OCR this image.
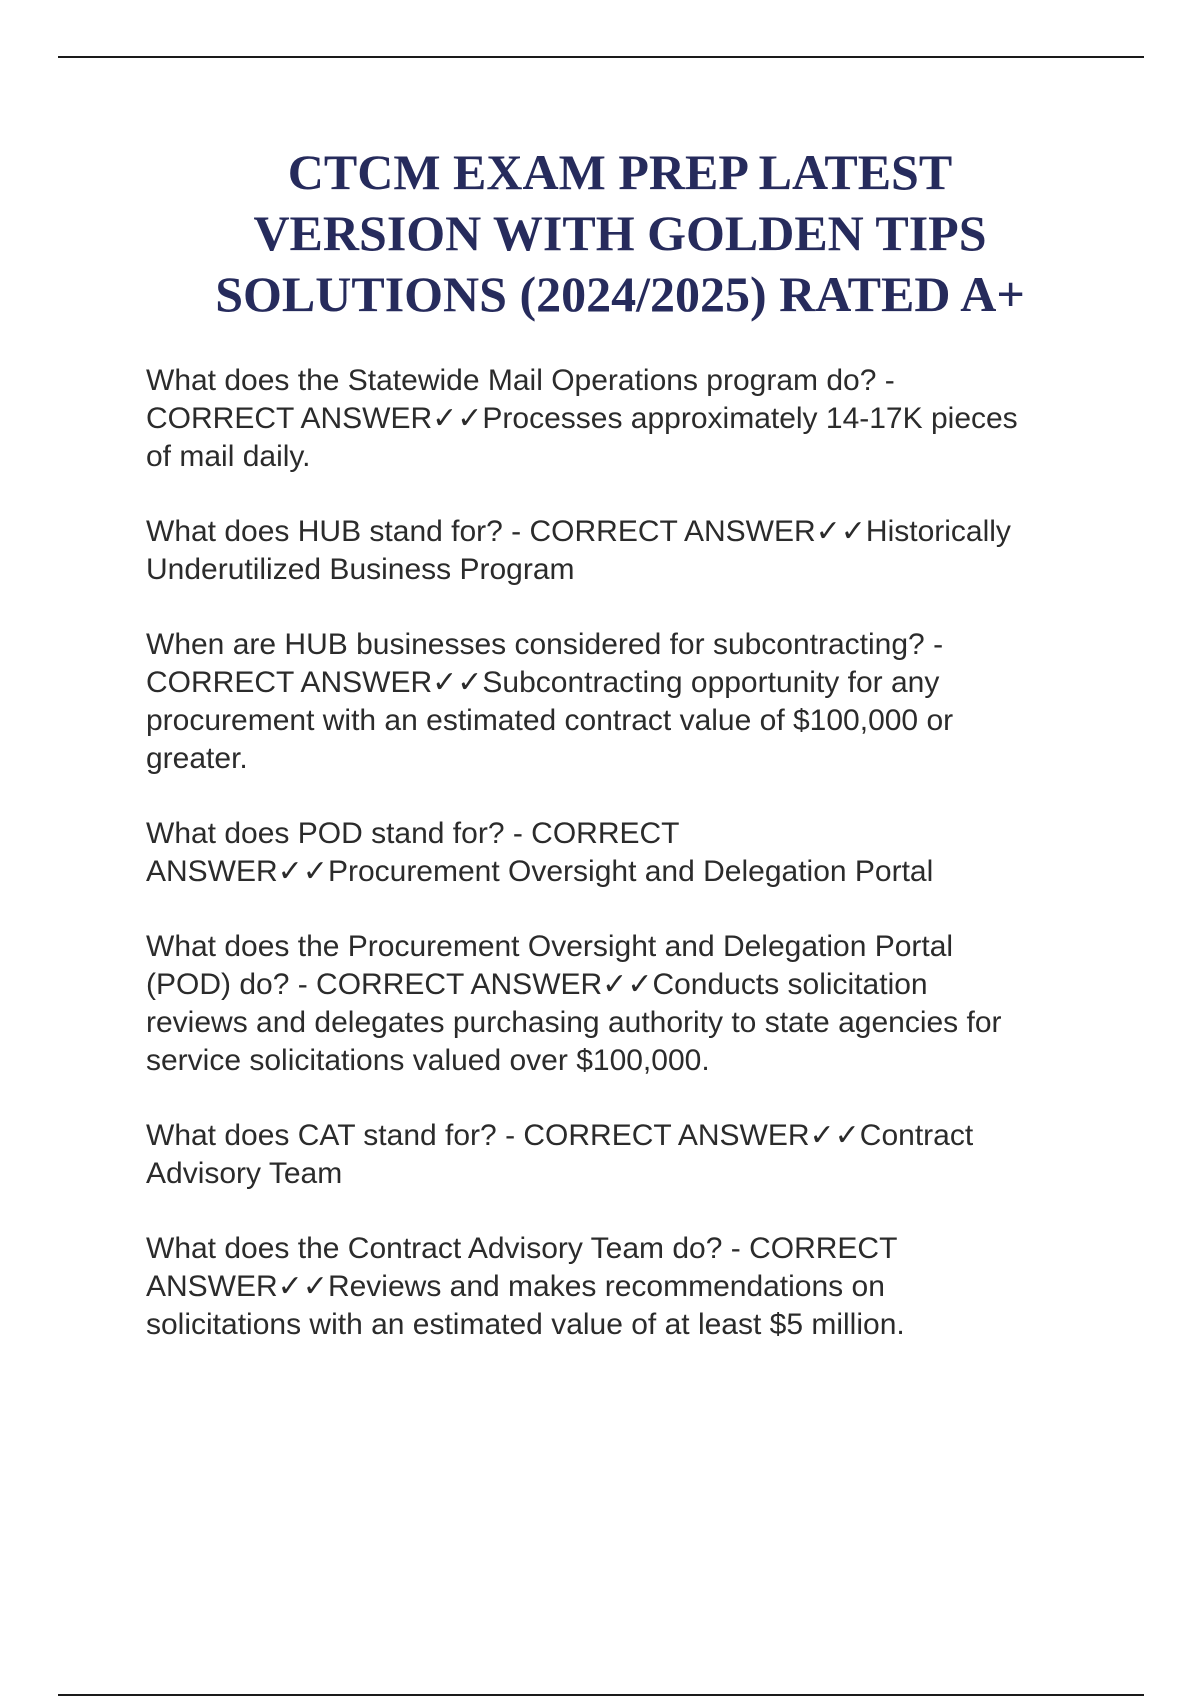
CTCM EXAM PREP LATEST
VERSION WITH GOLDEN TIPS
SOLUTIONS (2024/2025) RATED A+
What does the Statewide Mail Operations program do? -
CORRECT ANSWER✓✓Processes approximately 14-17K pieces
of mail daily.
What does HUB stand for? - CORRECT ANSWER✓✓Historically
Underutilized Business Program
When are HUB businesses considered for subcontracting? -
CORRECT ANSWER✓✓Subcontracting opportunity for any
procurement with an estimated contract value of $100,000 or
greater.
What does POD stand for? - CORRECT
ANSWER✓✓Procurement Oversight and Delegation Portal
What does the Procurement Oversight and Delegation Portal
(POD) do? - CORRECT ANSWER✓✓Conducts solicitation
reviews and delegates purchasing authority to state agencies for
service solicitations valued over $100,000.
What does CAT stand for? - CORRECT ANSWER✓✓Contract
Advisory Team
What does the Contract Advisory Team do? - CORRECT
ANSWER✓✓Reviews and makes recommendations on
solicitations with an estimated value of at least $5 million.
